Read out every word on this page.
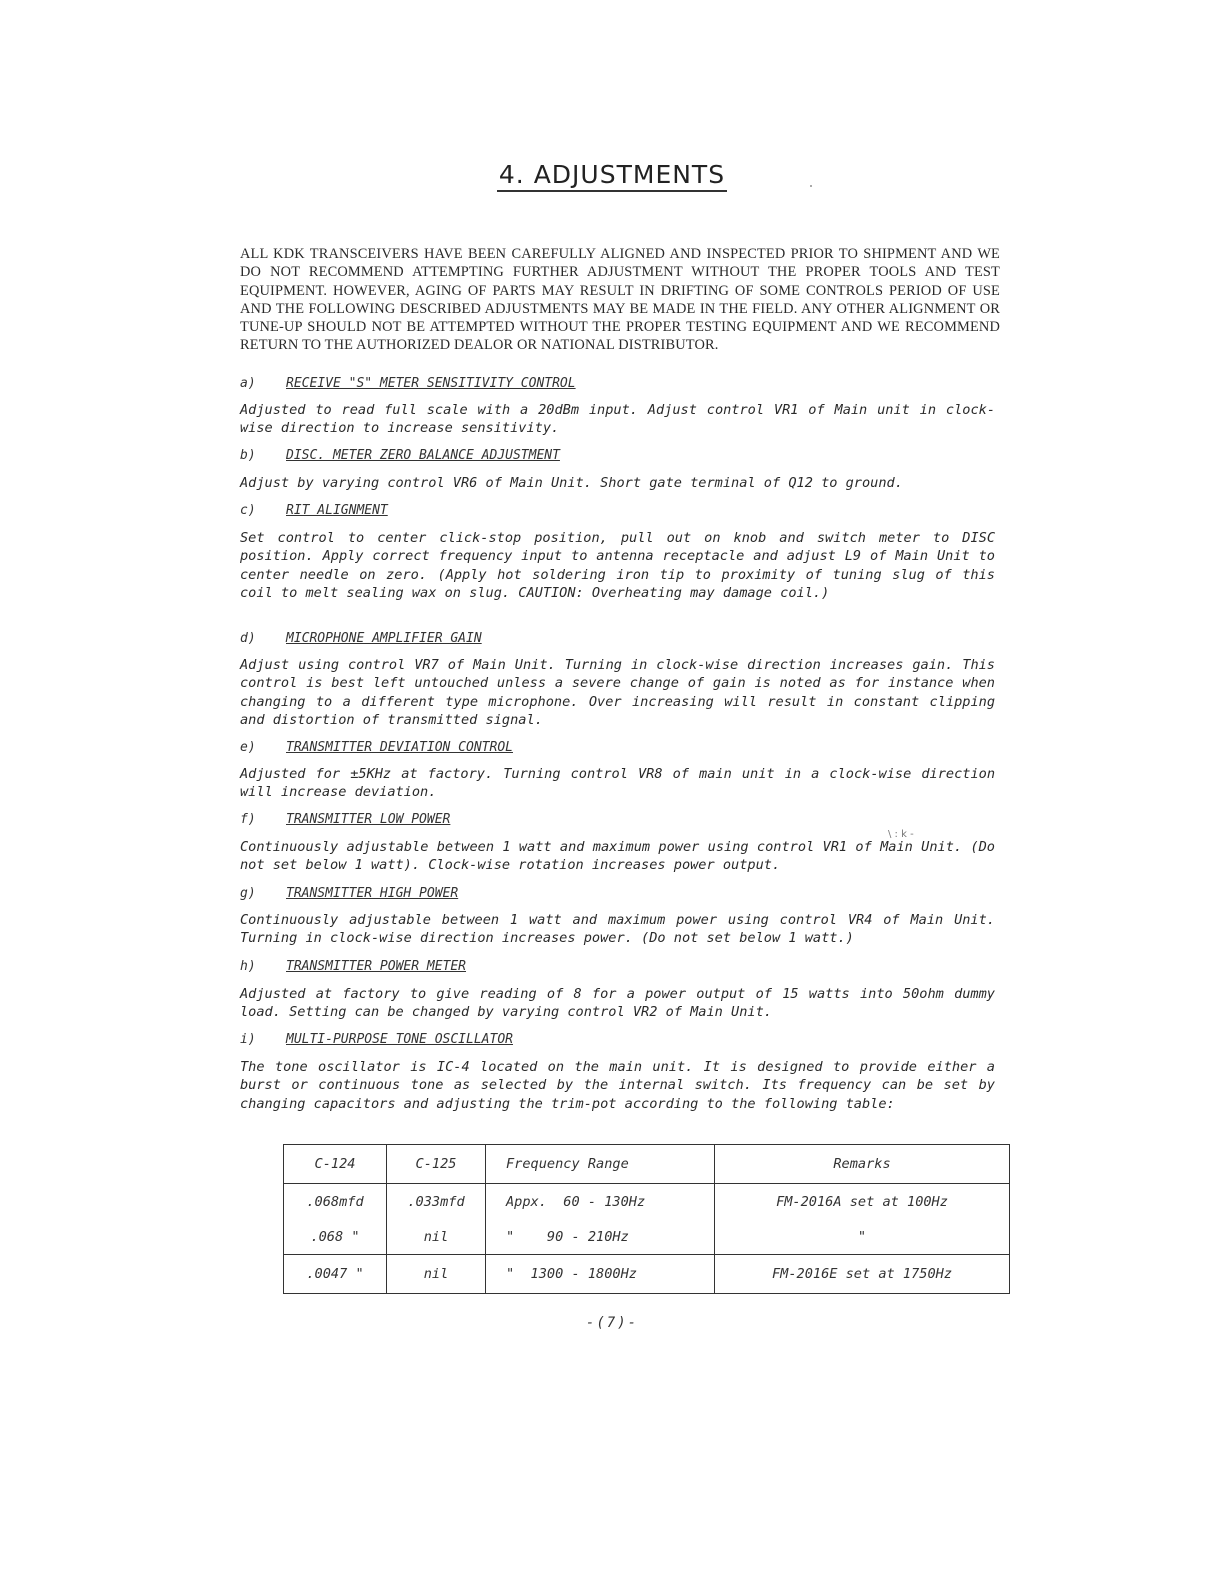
4. ADJUSTMENTS

ALL KDK TRANSCEIVERS HAVE BEEN CAREFULLY ALIGNED AND INSPECTED PRIOR TO SHIPMENT AND WE DO NOT RECOMMEND ATTEMPTING FURTHER ADJUSTMENT WITHOUT THE PROPER TOOLS AND TEST EQUIPMENT. HOWEVER, AGING OF PARTS MAY RESULT IN DRIFTING OF SOME CONTROLS PERIOD OF USE AND THE FOLLOWING DESCRIBED ADJUSTMENTS MAY BE MADE IN THE FIELD. ANY OTHER ALIGNMENT OR TUNE-UP SHOULD NOT BE ATTEMPTED WITHOUT THE PROPER TESTING EQUIPMENT AND WE RECOMMEND RETURN TO THE AUTHORIZED DEALOR OR NATIONAL DISTRIBUTOR.

a) RECEIVE "S" METER SENSITIVITY CONTROL

Adjusted to read full scale with a 20dBm input. Adjust control VR1 of Main unit in clock-wise direction to increase sensitivity.

b) DISC. METER ZERO BALANCE ADJUSTMENT

Adjust by varying control VR6 of Main Unit. Short gate terminal of Q12 to ground.

c) RIT ALIGNMENT

Set control to center click-stop position, pull out on knob and switch meter to DISC position. Apply correct frequency input to antenna receptacle and adjust L9 of Main Unit to center needle on zero. (Apply hot soldering iron tip to proximity of tuning slug of this coil to melt sealing wax on slug. CAUTION: Overheating may damage coil.)

d) MICROPHONE AMPLIFIER GAIN

Adjust using control VR7 of Main Unit. Turning in clock-wise direction increases gain. This control is best left untouched unless a severe change of gain is noted as for instance when changing to a different type microphone. Over increasing will result in constant clipping and distortion of transmitted signal.

e) TRANSMITTER DEVIATION CONTROL

Adjusted for ±5KHz at factory. Turning control VR8 of main unit in a clock-wise direction will increase deviation.

f) TRANSMITTER LOW POWER
\ : k -

Continuously adjustable between 1 watt and maximum power using control VR1 of Main Unit. (Do not set below 1 watt). Clock-wise rotation increases power output.

g) TRANSMITTER HIGH POWER

Continuously adjustable between 1 watt and maximum power using control VR4 of Main Unit. Turning in clock-wise direction increases power. (Do not set below 1 watt.)

h) TRANSMITTER POWER METER

Adjusted at factory to give reading of 8 for a power output of 15 watts into 50ohm dummy load. Setting can be changed by varying control VR2 of Main Unit.

i) MULTI-PURPOSE TONE OSCILLATOR

The tone oscillator is IC-4 located on the main unit. It is designed to provide either a burst or continuous tone as selected by the internal switch. Its frequency can be set by changing capacitors and adjusting the trim-pot according to the following table:

C-124	C-125	Frequency Range	Remarks
.068mfd	.033mfd	Appx.  60 - 130Hz	FM-2016A set at 100Hz
.068 "	nil	"    90 - 210Hz	"
.0047 "	nil	"  1300 - 1800Hz	FM-2016E set at 1750Hz
-(7)-
